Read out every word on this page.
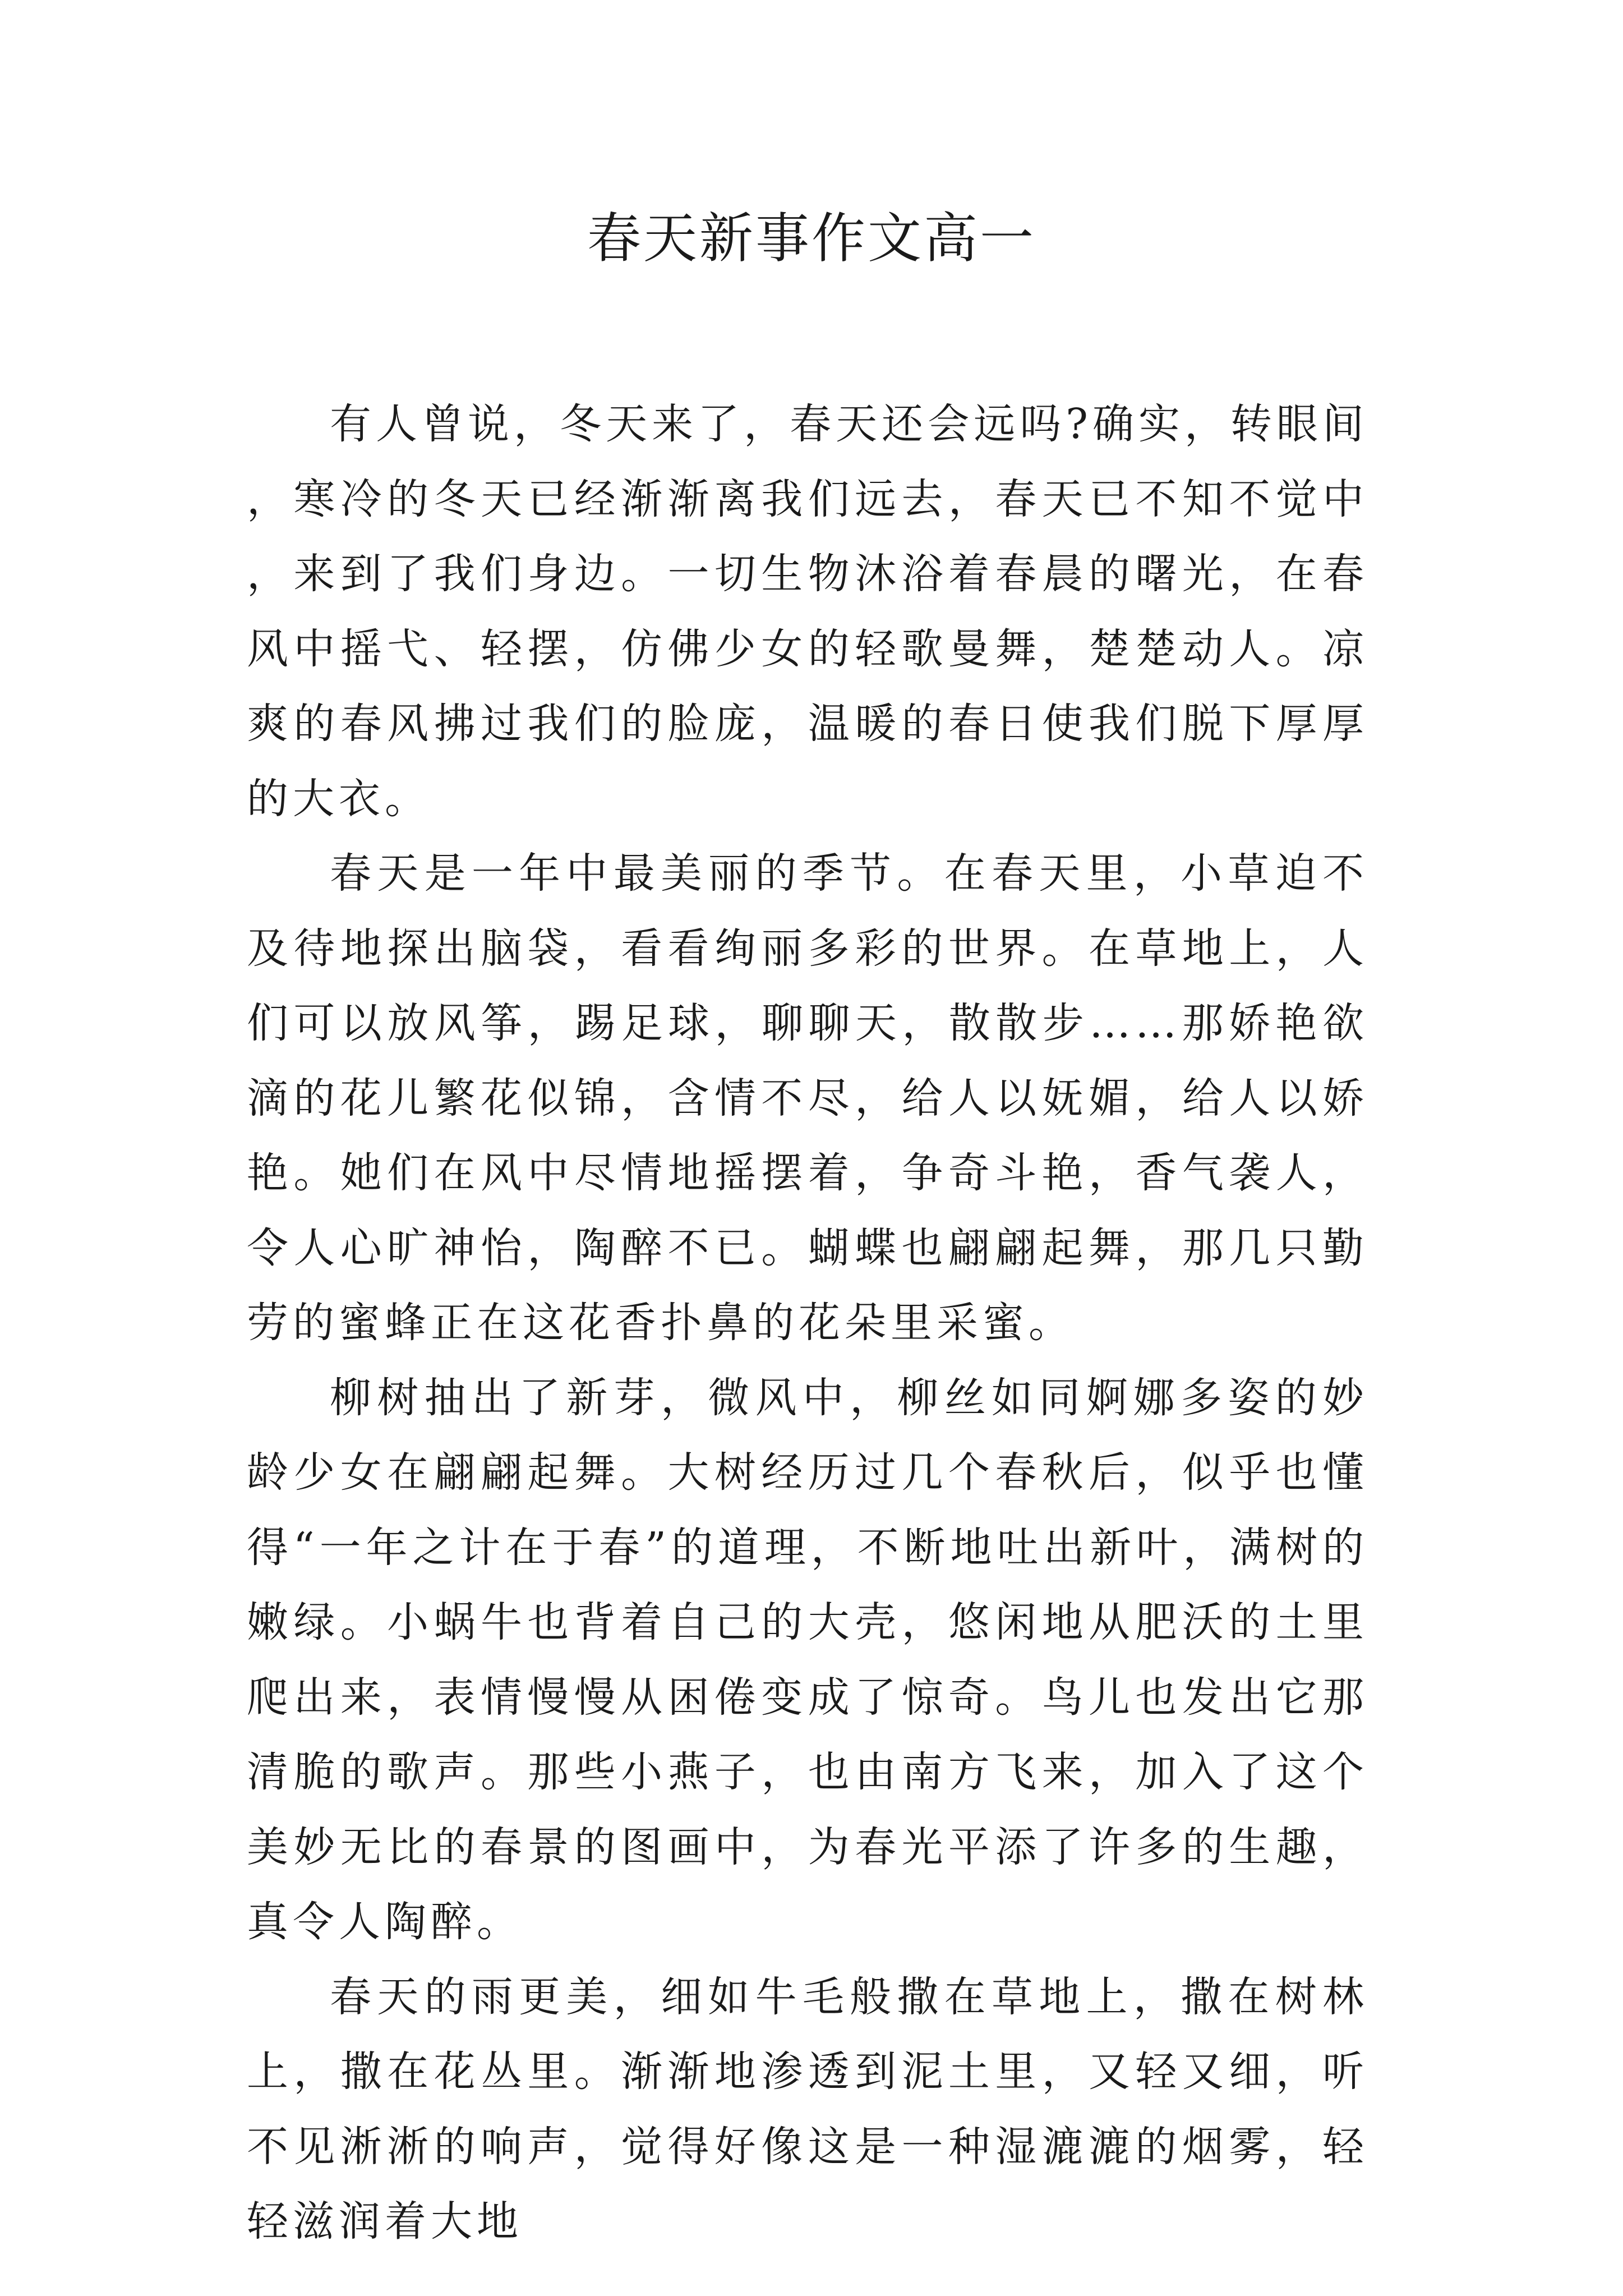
春天新事作文高一

有人曾说，冬天来了，春天还会远吗?确实，转眼间，寒冷的冬天已经渐渐离我们远去，春天已不知不觉中，来到了我们身边。一切生物沐浴着春晨的曙光，在春风中摇弋、轻摆，仿佛少女的轻歌曼舞，楚楚动人。凉爽的春风拂过我们的脸庞，温暖的春日使我们脱下厚厚的大衣。

春天是一年中最美丽的季节。在春天里，小草迫不及待地探出脑袋，看看绚丽多彩的世界。在草地上，人们可以放风筝，踢足球，聊聊天，散散步……那娇艳欲滴的花儿繁花似锦，含情不尽，给人以妩媚，给人以娇艳。她们在风中尽情地摇摆着，争奇斗艳，香气袭人，令人心旷神怡，陶醉不已。蝴蝶也翩翩起舞，那几只勤劳的蜜蜂正在这花香扑鼻的花朵里采蜜。

柳树抽出了新芽，微风中，柳丝如同婀娜多姿的妙龄少女在翩翩起舞。大树经历过几个春秋后，似乎也懂得“一年之计在于春”的道理，不断地吐出新叶，满树的嫩绿。小蜗牛也背着自己的大壳，悠闲地从肥沃的土里爬出来，表情慢慢从困倦变成了惊奇。鸟儿也发出它那清脆的歌声。那些小燕子，也由南方飞来，加入了这个美妙无比的春景的图画中，为春光平添了许多的生趣，真令人陶醉。

春天的雨更美，细如牛毛般撒在草地上，撒在树林上，撒在花丛里。渐渐地渗透到泥土里，又轻又细，听不见淅淅的响声，觉得好像这是一种湿漉漉的烟雾，轻轻滋润着大地
